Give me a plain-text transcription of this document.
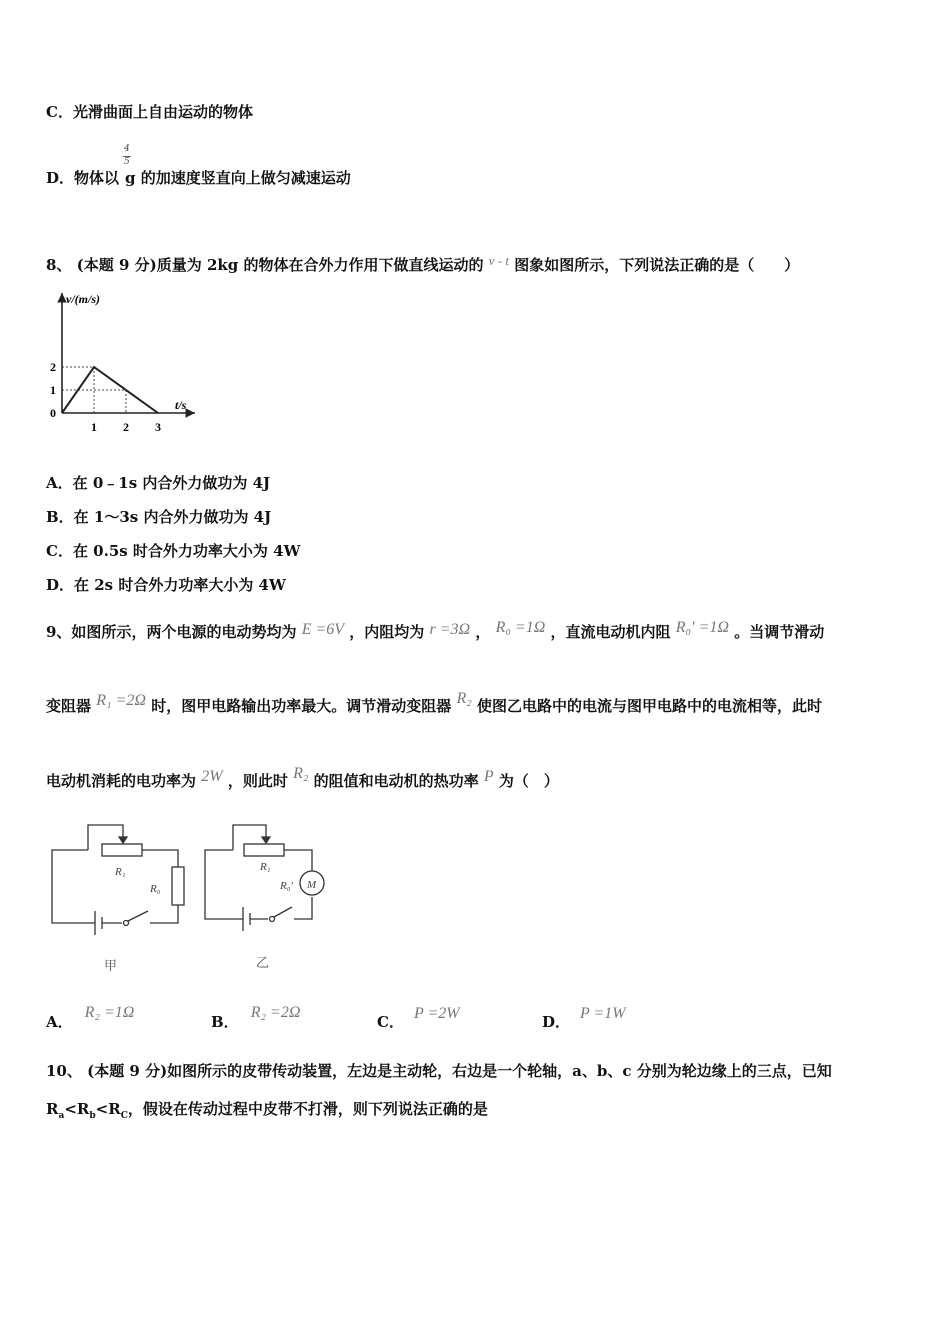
C．光滑曲面上自由运动的物体
D．物体以 g 的加速度竖直向上做匀减速运动
4
5
8、 (本题 9 分)质量为 2kg 的物体在合外力作用下做直线运动的 v - t 图象如图所示，下列说法正确的是（　　）
1 2 3
0
1
2
v/(m/s)
t/s
A．在 0﹣1s 内合外力做功为 4J
B．在 1～3s 内合外力做功为 4J
C．在 0.5s 时合外力功率大小为 4W
D．在 2s 时合外力功率大小为 4W
9、如图所示，两个电源的电动势均为 E =6V ，内阻均为 r =3Ω ， R₀ =1Ω ，直流电动机内阻 R₀′ =1Ω 。当调节滑动
变阻器 R₁ =2Ω 时，图甲电路输出功率最大。调节滑动变阻器 R₂ 使图乙电路中的电流与图甲电路中的电流相等，此时
电动机消耗的电功率为 2W ，则此时 R₂ 的阻值和电动机的热功率 P 为（　）
R₁
R₀
甲
R₁
R₀′ M
乙
A．R₂ =1Ω
B．R₂ =2Ω
C． P =2W	D． P =1W
10、 (本题 9 分)如图所示的皮带传动装置，左边是主动轮，右边是一个轮轴，a、b、c 分别为轮边缘上的三点，已知
$R_a<R_b<R_C$，假设在传动过程中皮带不打滑，则下列说法正确的是
